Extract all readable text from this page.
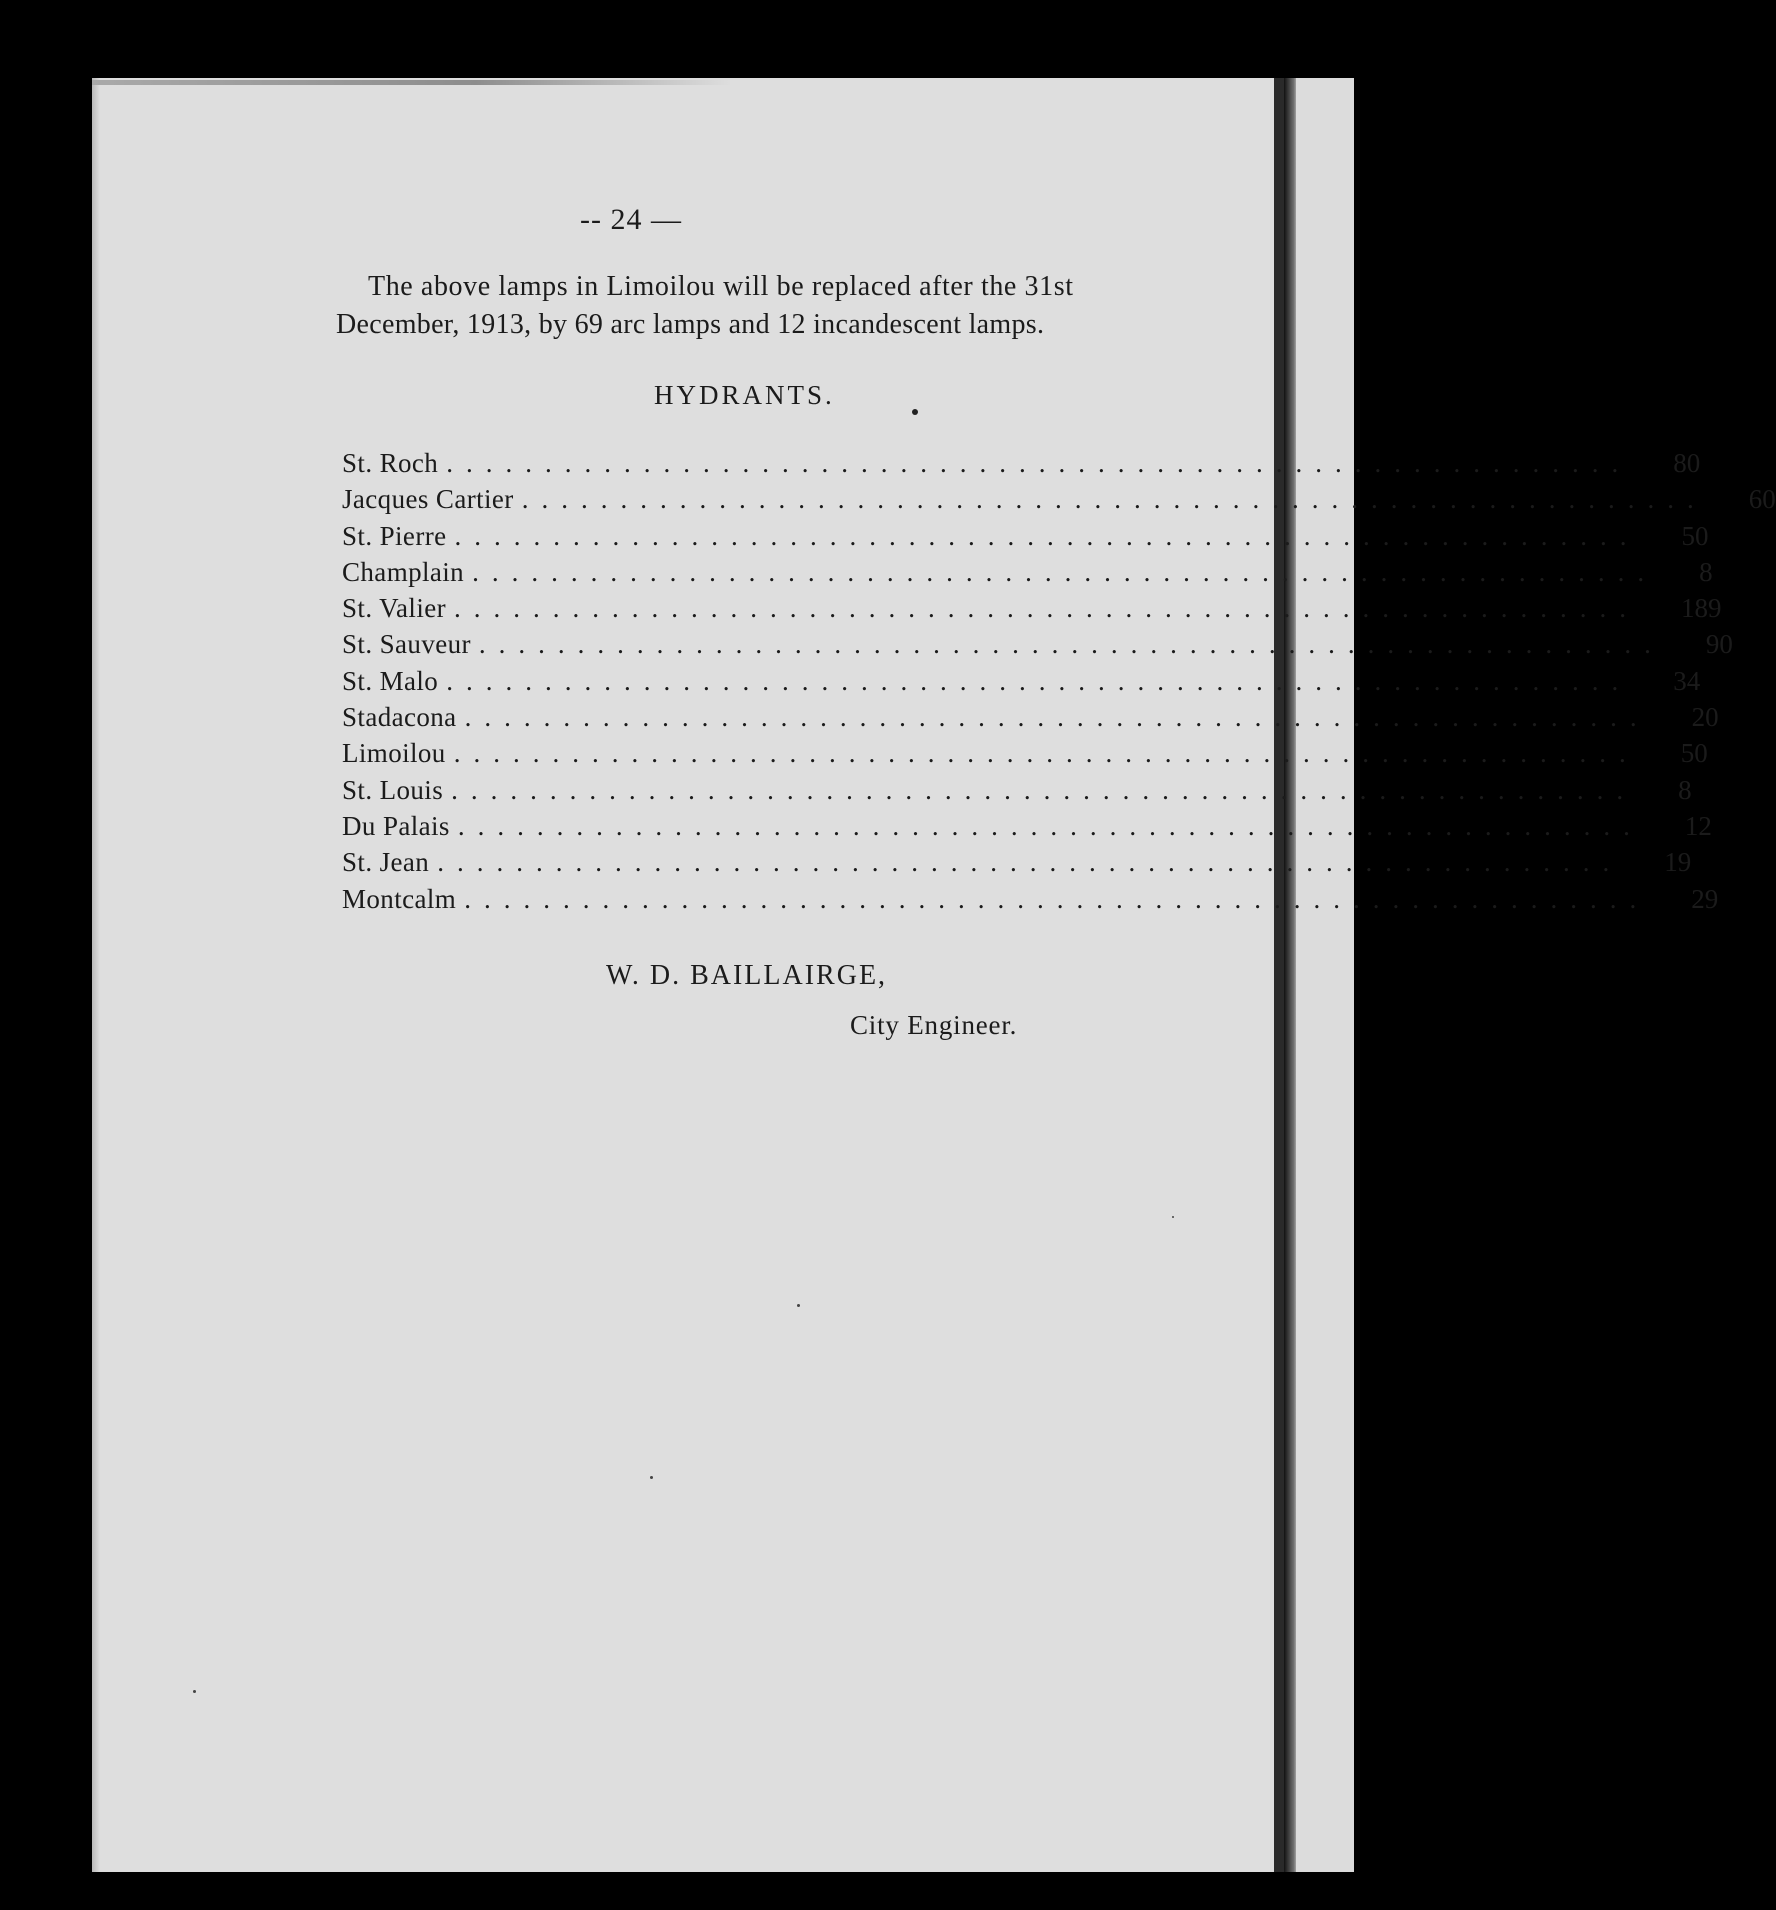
-- 24 —
The above lamps in Limoilou will be replaced after the 31st
December, 1913, by 69 arc lamps and 12 incandescent lamps.
HYDRANTS.
St. Roch ............................................................ 80
Jacques Cartier ............................................................ 60
St. Pierre ............................................................ 50
Champlain ............................................................ 8
St. Valier ............................................................ 189
St. Sauveur ............................................................ 90
St. Malo ............................................................ 34
Stadacona ............................................................ 20
Limoilou ............................................................ 50
St. Louis ............................................................ 8
Du Palais ............................................................ 12
St. Jean ............................................................ 19
Montcalm ............................................................ 29
W. D. BAILLAIRGE,
City Engineer.
